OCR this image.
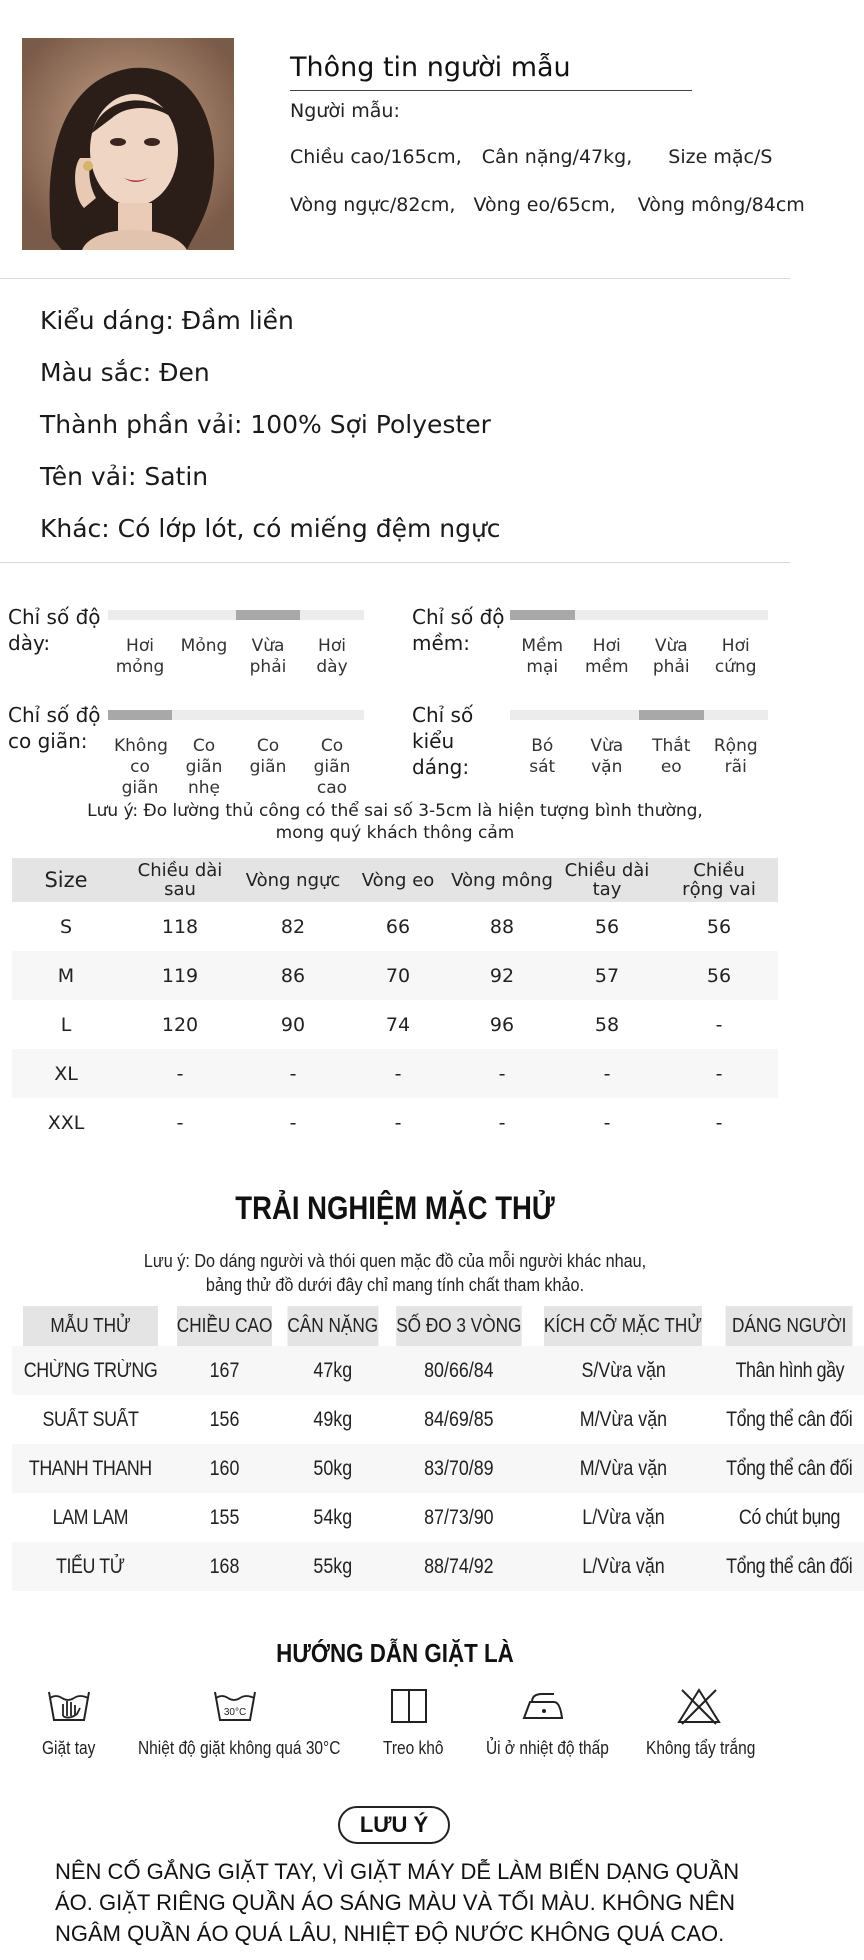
Thông tin người mẫu
Người mẫu:
Chiều cao/165cm, Cân nặng/47kg, Size mặc/S
Vòng ngực/82cm, Vòng eo/65cm, Vòng mông/84cm
Kiểu dáng: Đầm liền
Màu sắc: Đen
Thành phần vải: 100% Sợi Polyester
Tên vải: Satin
Khác: Có lớp lót, có miếng đệm ngực
Chỉ số độ dày:	Hơi mỏng
Mỏng	Vừa phải
Hơi dày
Chỉ số độ mềm:	Mềm mại
Hơi mềm
Vừa phải
Hơi cứng
Chỉ số độ co giãn:	Không co giãn
Co giãn nhẹ
Co giãn
Co giãn cao
Chỉ số kiểu dáng:
Bó sát
Vừa vặn
Thắt eo
Rộng rãi
Lưu ý: Đo lường thủ công có thể sai số 3-5cm là hiện tượng bình thường,
mong quý khách thông cảm
Size	Chiều dài sau	Vòng ngực	Vòng eo	Vòng mông	Chiều dài tay	Chiều rộng vai
S	118	82	66	88	56	56
M	119	86	70	92	57	56
L	120	90	74	96	58	-
XL	-	-	-	-	-	-
XXL	-	-	-	-	-	-
TRẢI NGHIỆM MẶC THỬ
Lưu ý: Do dáng người và thói quen mặc đồ của mỗi người khác nhau,
bảng thử đồ dưới đây chỉ mang tính chất tham khảo.
MẪU THỬ	CHIỀU CAO	CÂN NẶNG	SỐ ĐO 3 VÒNG	KÍCH CỠ MẶC THỬ	DÁNG NGƯỜI
CHỪNG TRỪNG	167	47kg	80/66/84	S/Vừa vặn	Thân hình gầy
SUẤT SUẤT	156	49kg	84/69/85	M/Vừa vặn	Tổng thể cân đối
THANH THANH	160	50kg	83/70/89	M/Vừa vặn	Tổng thể cân đối
LAM LAM	155	54kg	87/73/90	L/Vừa vặn	Có chút bụng
TIỂU TỬ	168	55kg	88/74/92	L/Vừa vặn	Tổng thể cân đối
HƯỚNG DẪN GIẶT LÀ
30°C
Giặt tay Nhiệt độ giặt không quá 30°C Treo khô Ủi ở nhiệt độ thấp Không tẩy trắng
LƯU Ý
NÊN CỐ GẮNG GIẶT TAY, VÌ GIẶT MÁY DỄ LÀM BIẾN DẠNG QUẦN ÁO. GIẶT RIÊNG QUẦN ÁO SÁNG MÀU VÀ TỐI MÀU. KHÔNG NÊN NGÂM QUẦN ÁO QUÁ LÂU, NHIỆT ĐỘ NƯỚC KHÔNG QUÁ CAO.
